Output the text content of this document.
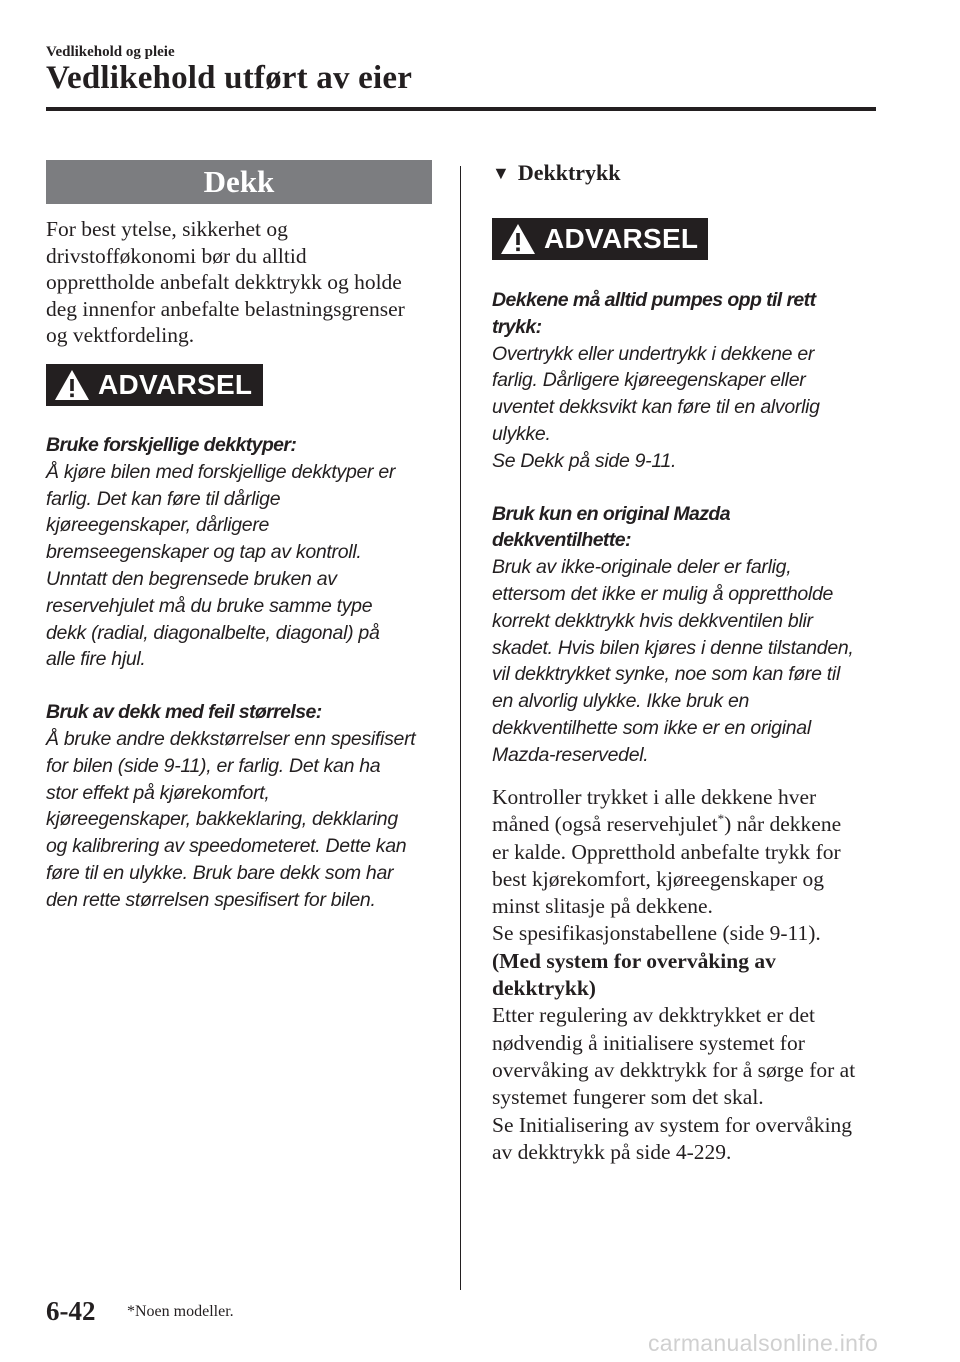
Vedlikehold og pleie
Vedlikehold utført av eier
Dekk
For best ytelse, sikkerhet og
drivstofføkonomi bør du alltid
opprettholde anbefalt dekktrykk og holde
deg innenfor anbefalte belastningsgrenser
og vektfordeling.
ADVARSEL
Bruke forskjellige dekktyper:
Å kjøre bilen med forskjellige dekktyper er
farlig. Det kan føre til dårlige
kjøreegenskaper, dårligere
bremseegenskaper og tap av kontroll.
Unntatt den begrensede bruken av
reservehjulet må du bruke samme type
dekk (radial, diagonalbelte, diagonal) på
alle fire hjul.
Bruk av dekk med feil størrelse:
Å bruke andre dekkstørrelser enn spesifisert
for bilen (side 9-11), er farlig. Det kan ha
stor effekt på kjørekomfort,
kjøreegenskaper, bakkeklaring, dekklaring
og kalibrering av speedometeret. Dette kan
føre til en ulykke. Bruk bare dekk som har
den rette størrelsen spesifisert for bilen.
▼ Dekktrykk
ADVARSEL
Dekkene må alltid pumpes opp til rett
trykk:
Overtrykk eller undertrykk i dekkene er
farlig. Dårligere kjøreegenskaper eller
uventet dekksvikt kan føre til en alvorlig
ulykke.
Se Dekk på side 9-11.
Bruk kun en original Mazda
dekkventilhette:
Bruk av ikke-originale deler er farlig,
ettersom det ikke er mulig å opprettholde
korrekt dekktrykk hvis dekkventilen blir
skadet. Hvis bilen kjøres i denne tilstanden,
vil dekktrykket synke, noe som kan føre til
en alvorlig ulykke. Ikke bruk en
dekkventilhette som ikke er en original
Mazda-reservedel.
Kontroller trykket i alle dekkene hver
måned (også reservehjulet*) når dekkene
er kalde. Oppretthold anbefalte trykk for
best kjørekomfort, kjøreegenskaper og
minst slitasje på dekkene.
Se spesifikasjonstabellene (side 9-11).
(Med system for overvåking av
dekktrykk)
Etter regulering av dekktrykket er det
nødvendig å initialisere systemet for
overvåking av dekktrykk for å sørge for at
systemet fungerer som det skal.
Se Initialisering av system for overvåking
av dekktrykk på side 4-229.
6-42 *Noen modeller.
carmanualsonline.info
